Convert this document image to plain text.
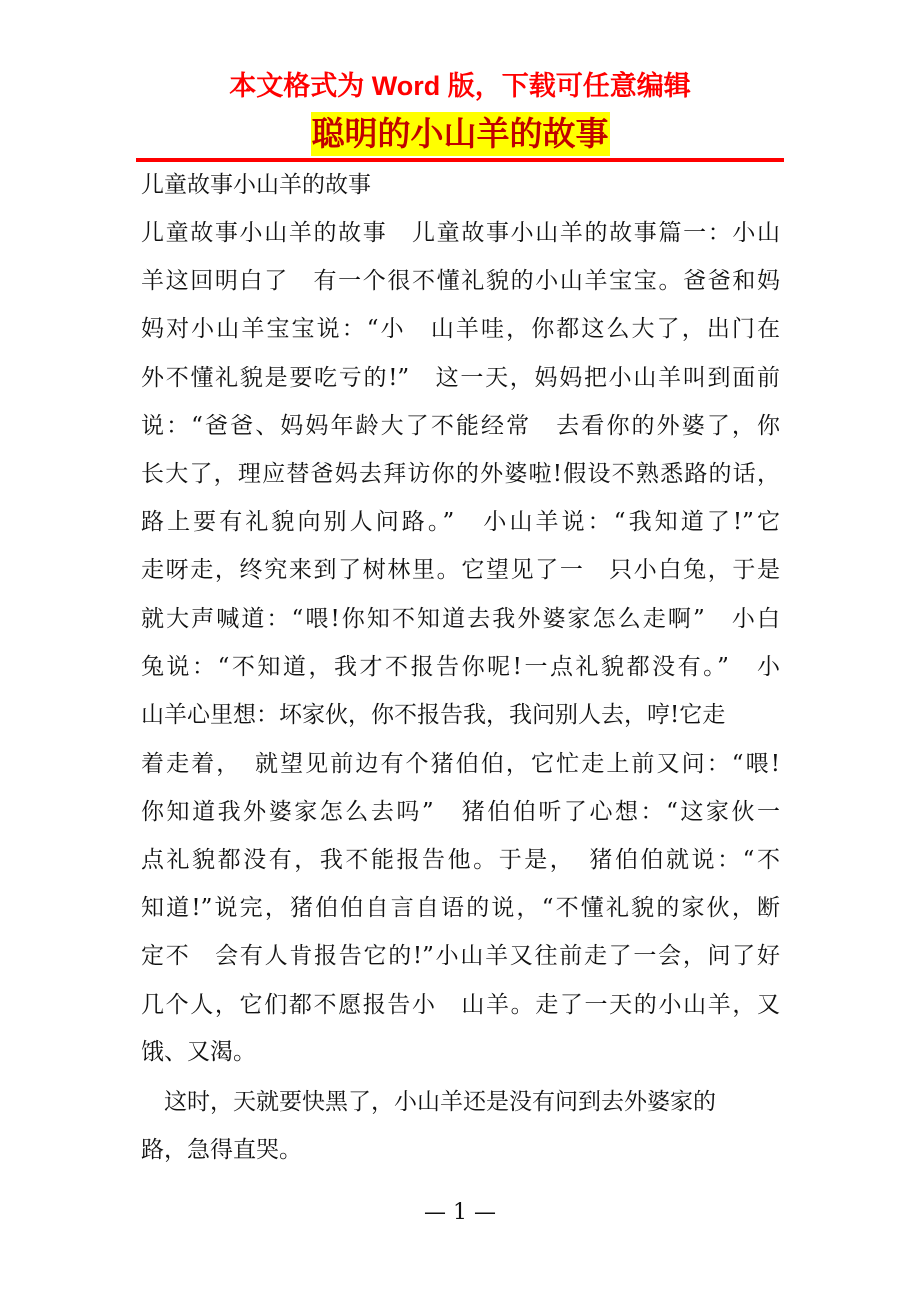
本文格式为 Word 版，下载可任意编辑
聪明的小山羊的故事
儿童故事小山羊的故事
儿童故事小山羊的故事　儿童故事小山羊的故事篇一：小山
羊这回明白了　有一个很不懂礼貌的小山羊宝宝。爸爸和妈
妈对小山羊宝宝说：“小　山羊哇，你都这么大了，出门在
外不懂礼貌是要吃亏的!”　这一天，妈妈把小山羊叫到面前
说：“爸爸、妈妈年龄大了不能经常　去看你的外婆了，你
长大了，理应替爸妈去拜访你的外婆啦!假设不熟悉路的话，
路上要有礼貌向别人问路。”　小山羊说：“我知道了!”它
走呀走，终究来到了树林里。它望见了一　只小白兔，于是
就大声喊道：“喂!你知不知道去我外婆家怎么走啊”　小白
兔说：“不知道，我才不报告你呢!一点礼貌都没有。”　小
山羊心里想：坏家伙，你不报告我，我问别人去，哼!它走
着走着，　就望见前边有个猪伯伯，它忙走上前又问：“喂!
你知道我外婆家怎么去吗”　猪伯伯听了心想：“这家伙一
点礼貌都没有，我不能报告他。于是，　猪伯伯就说：“不
知道!”说完，猪伯伯自言自语的说，“不懂礼貌的家伙，断
定不　会有人肯报告它的!”小山羊又往前走了一会，问了好
几个人，它们都不愿报告小　山羊。走了一天的小山羊，又
饿、又渴。
　这时，天就要快黑了，小山羊还是没有问到去外婆家的
路，急得直哭。
— 1 —
